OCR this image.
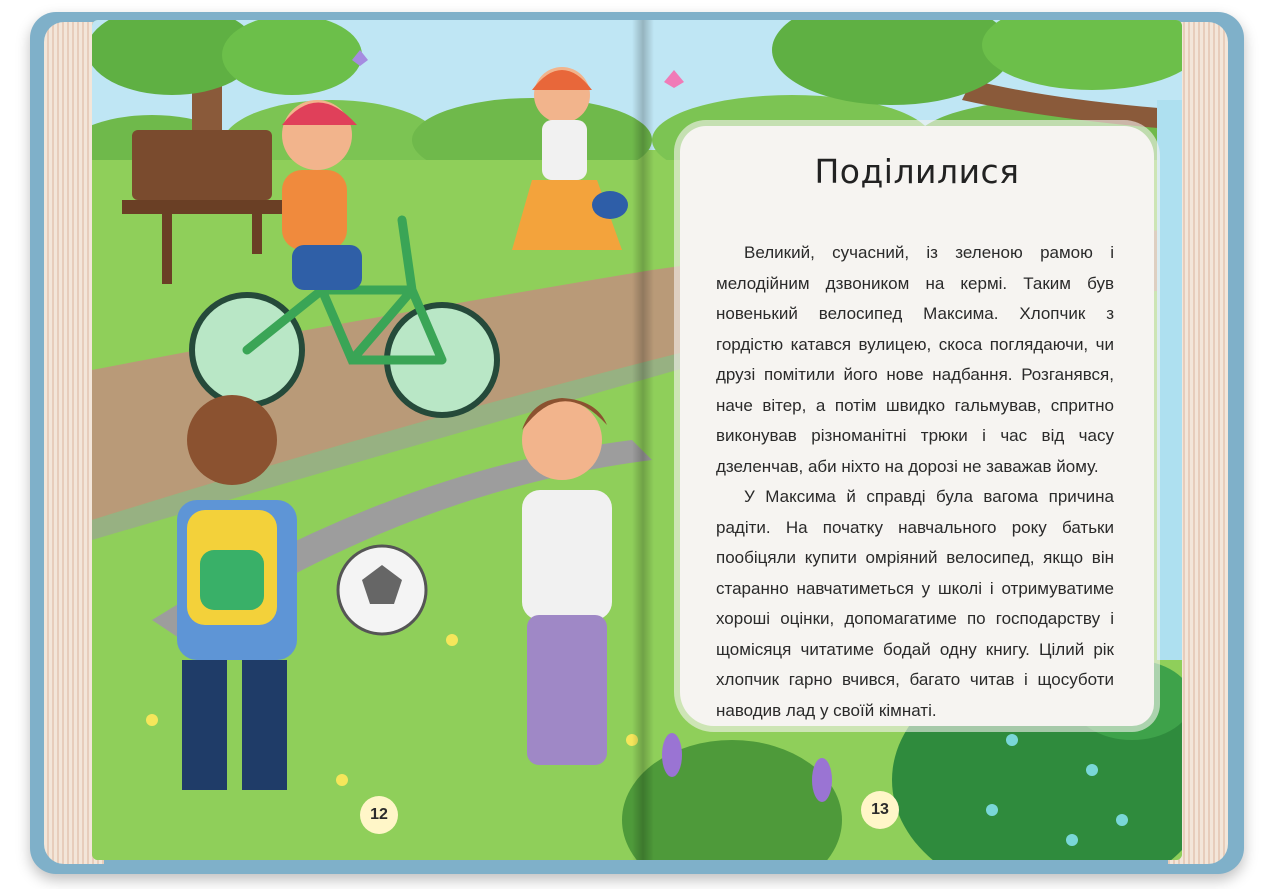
Поділилися

Великий, сучасний, із зеленою рамою і мелодійним дзвоником на кермі. Таким був новенький велосипед Максима. Хлопчик з гордістю катався вулицею, скоса поглядаючи, чи друзі помітили його нове надбання. Розганявся, наче вітер, а потім швидко гальмував, спритно виконував різноманітні трюки і час від часу дзеленчав, аби ніхто на дорозі не заважав йому.

У Максима й справді була вагома причина радіти. На початку навчального року батьки пообіцяли купити омріяний велосипед, якщо він старанно навчатиметься у школі і отримуватиме хороші оцінки, допомагатиме по господарству і щомісяця читатиме бодай одну книгу. Цілий рік хлопчик гарно вчився, багато читав і щосуботи наводив лад у своїй кімнаті.

12	13
